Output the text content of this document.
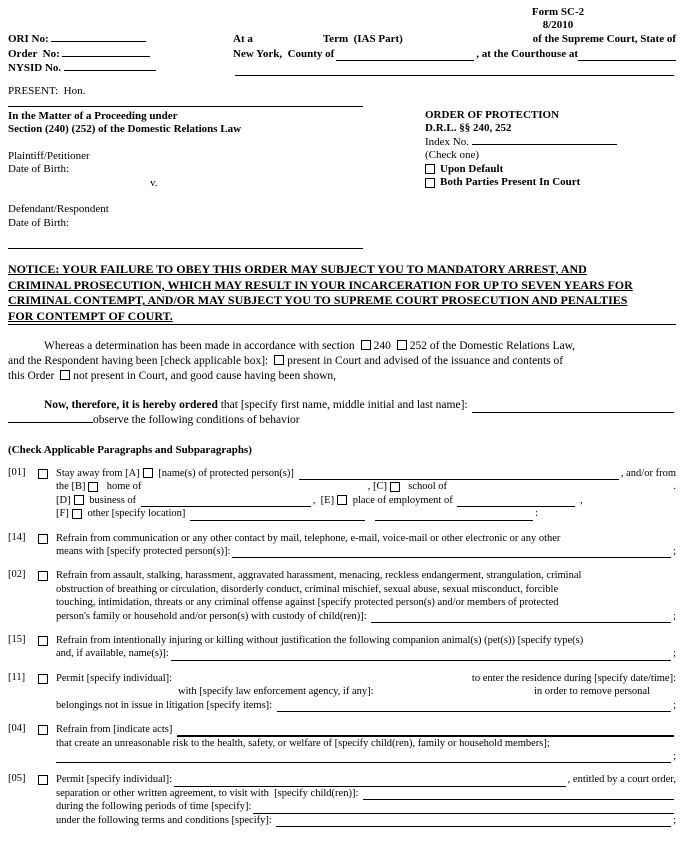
Form SC-2
8/2010
ORI No:	At a	Term  (IAS Part)	of the Supreme Court, State of
Order  No:	New York,  County of	, at the Courthouse at
NYSID No.
PRESENT:  Hon.
In the Matter of a Proceeding under
Section (240) (252) of the Domestic Relations Law
Plaintiff/Petitioner
Date of Birth:
v.
Defendant/Respondent
Date of Birth:
ORDER OF PROTECTION
D.R.L. §§ 240, 252
Index No.
(Check one)
Upon Default
Both Parties Present In Court
NOTICE: YOUR FAILURE TO OBEY THIS ORDER MAY SUBJECT YOU TO MANDATORY ARREST, AND
CRIMINAL PROSECUTION, WHICH MAY RESULT IN YOUR INCARCERATION FOR UP TO SEVEN YEARS FOR
CRIMINAL CONTEMPT, AND/OR MAY SUBJECT YOU TO SUPREME COURT PROSECUTION AND PENALTIES
FOR CONTEMPT OF COURT.
Whereas a determination has been made in accordance with section 240 252 of the Domestic Relations Law,
and the Respondent having been [check applicable box]: present in Court and advised of the issuance and contents of
this Order not present in Court, and good cause having been shown,
Now, therefore, it is hereby ordered that [specify first name, middle initial and last name]:
observe the following conditions of behavior
(Check Applicable Paragraphs and Subparagraphs)
[01]	Stay away from [A] [name(s) of protected person(s)]	, and/or from
the [B] home of	, [C] school of	.
[D] business of	,  [E] place of employment of	,
[F] other [specify location]	:
[14]	Refrain from communication or any other contact by mail, telephone, e-mail, voice-mail or other electronic or any other
means with [specify protected person(s)]:	;
[02]	Refrain from assault, stalking, harassment, aggravated harassment, menacing, reckless endangerment, strangulation, criminal
obstruction of breathing or circulation, disorderly conduct, criminal mischief, sexual abuse, sexual misconduct, forcible
touching, intimidation, threats or any criminal offense against [specify protected person(s) and/or members of protected
person's family or household and/or person(s) with custody of child(ren)]:	;
[15]	Refrain from intentionally injuring or killing without justification the following companion animal(s) (pet(s)) [specify type(s)
and, if available, name(s)]:	;
[11]	Permit [specify individual]:	to enter the residence during [specify date/time]:
with [specify law enforcement agency, if any]:	in order to remove personal
belongings not in issue in litigation [specify items]:	;
[04]	Refrain from [indicate acts]
that create an unreasonable risk to the health, safety, or welfare of [specify child(ren), family or household members];
;
[05]	Permit [specify individual]:	, entitled by a court order,
separation or other written agreement, to visit with  [specify child(ren)]:
during the following periods of time [specify]:
under the following terms and conditions [specify]:	;
